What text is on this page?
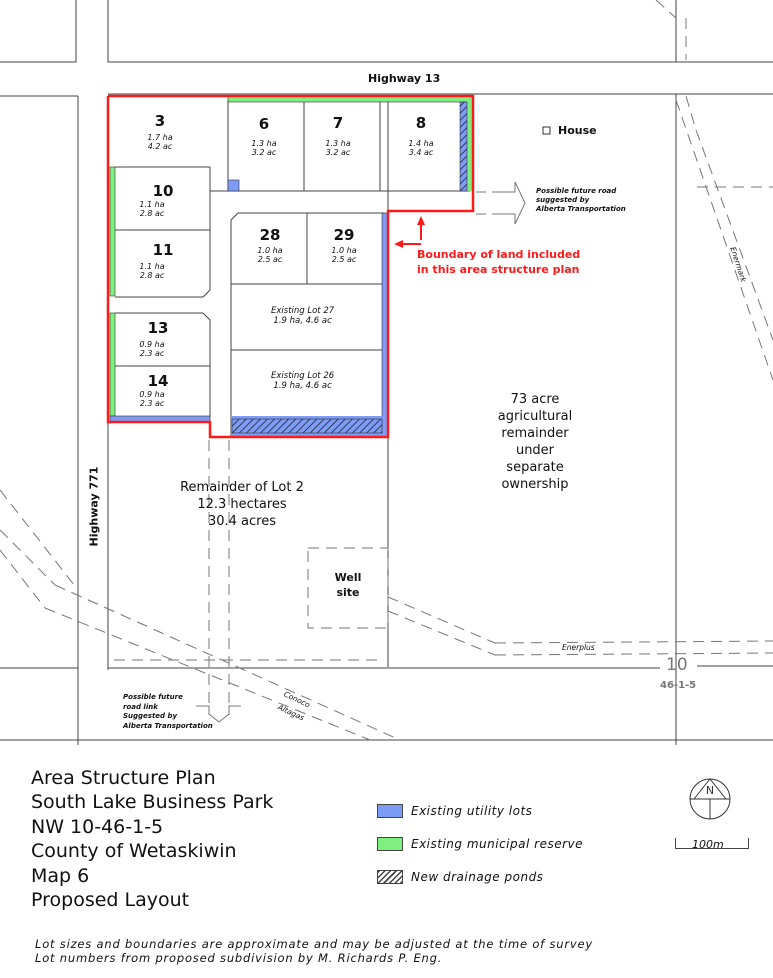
Highway 13
Highway 771
3
1.7 ha
4.2 ac
6
1.3 ha
3.2 ac
7
1.3 ha
3.2 ac
8
1.4 ha
3.4 ac
10
1.1 ha
2.8 ac
11
1.1 ha
2.8 ac
13
0.9 ha
2.3 ac
14
0.9 ha
2.3 ac
28
1.0 ha
2.5 ac
29
1.0 ha
2.5 ac
Existing Lot 27
1.9 ha, 4.6 ac
Existing Lot 26
1.9 ha, 4.6 ac
House
Possible future road
suggested by
Alberta Transportation
Boundary of land included
in this area structure plan
73 acre
agricultural
remainder
under
separate
ownership
Remainder of Lot 2
12.3 hectares
30.4 acres
Well
site
Possible future
road link
Suggested by
Alberta Transportation
Enermark
Enerplus
Conoco
Altagas
10
46-1-5
Area Structure Plan
South Lake Business Park
NW 10-46-1-5
County of Wetaskiwin
Map 6
Proposed Layout
Existing utility lots
Existing municipal reserve
New drainage ponds
N
100m
Lot sizes and boundaries are approximate and may be adjusted at the time of survey
Lot numbers from proposed subdivision by M. Richards P. Eng.
